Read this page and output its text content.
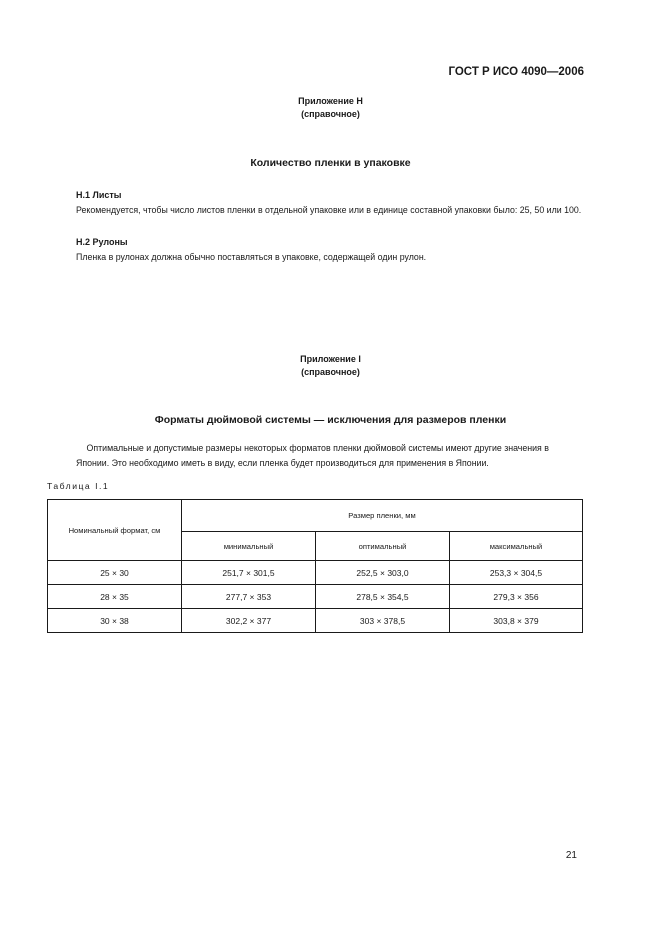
ГОСТ Р ИСО 4090—2006
Приложение H
(справочное)
Количество пленки в упаковке
H.1 Листы
Рекомендуется, чтобы число листов пленки в отдельной упаковке или в единице составной упаковки было: 25, 50 или 100.
H.2 Рулоны
Пленка в рулонах должна обычно поставляться в упаковке, содержащей один рулон.
Приложение I
(справочное)
Форматы дюймовой системы — исключения для размеров пленки
Оптимальные и допустимые размеры некоторых форматов пленки дюймовой системы имеют другие значения в Японии. Это необходимо иметь в виду, если пленка будет производиться для применения в Японии.
Таблица I.1
Номинальный формат, см	Размер пленки, мм		
	минимальный	оптимальный	максимальный
25 × 30	251,7 × 301,5	252,5 × 303,0	253,3 × 304,5
28 × 35	277,7 × 353	278,5 × 354,5	279,3 × 356
30 × 38	302,2 × 377	303 × 378,5	303,8 × 379
21
